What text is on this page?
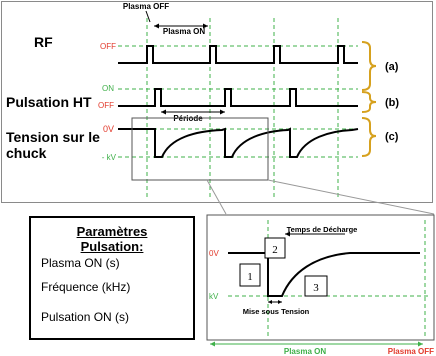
RF
Pulsation HT
Tension sur le
chuck
OFF
ON
OFF
0V
- kV
Plasma OFF
Plasma ON
Période
(a)
(b)
(c)
0V
kV
1
2
3
Temps de Décharge
Mise sous Tension
Plasma ON	Plasma OFF
Paramètres
Pulsation:
Plasma ON (s)
Fréquence (kHz)
Pulsation ON (s)
